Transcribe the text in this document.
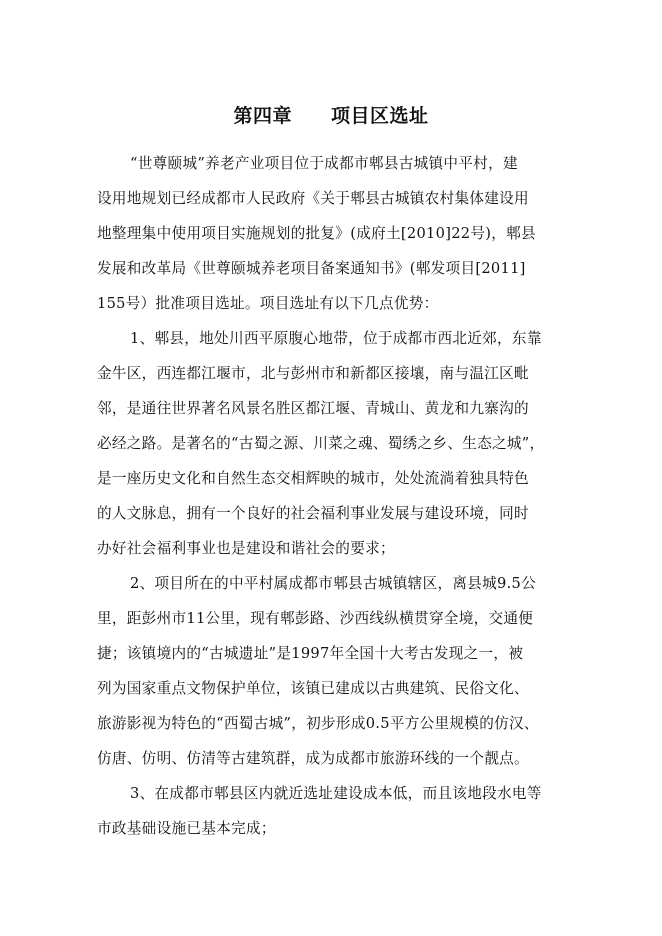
第四章　　项目区选址
“世尊颐城”养老产业项目位于成都市郫县古城镇中平村，建
设用地规划已经成都市人民政府《关于郫县古城镇农村集体建设用
地整理集中使用项目实施规划的批复》(成府土[2010]22号)，郫县
发展和改革局《世尊颐城养老项目备案通知书》(郫发项目[2011]
155号）批准项目选址。项目选址有以下几点优势：
1、郫县，地处川西平原腹心地带，位于成都市西北近郊，东靠
金牛区，西连都江堰市，北与彭州市和新都区接壤，南与温江区毗
邻，是通往世界著名风景名胜区都江堰、青城山、黄龙和九寨沟的
必经之路。是著名的“古蜀之源、川菜之魂、蜀绣之乡、生态之城”，
是一座历史文化和自然生态交相辉映的城市，处处流淌着独具特色
的人文脉息，拥有一个良好的社会福利事业发展与建设环境，同时
办好社会福利事业也是建设和谐社会的要求；
2、项目所在的中平村属成都市郫县古城镇辖区，离县城9.5公
里，距彭州市11公里，现有郫彭路、沙西线纵横贯穿全境，交通便
捷；该镇境内的“古城遗址”是1997年全国十大考古发现之一，被
列为国家重点文物保护单位，该镇已建成以古典建筑、民俗文化、
旅游影视为特色的“西蜀古城”，初步形成0.5平方公里规模的仿汉、
仿唐、仿明、仿清等古建筑群，成为成都市旅游环线的一个靓点。
3、在成都市郫县区内就近选址建设成本低，而且该地段水电等
市政基础设施已基本完成；
